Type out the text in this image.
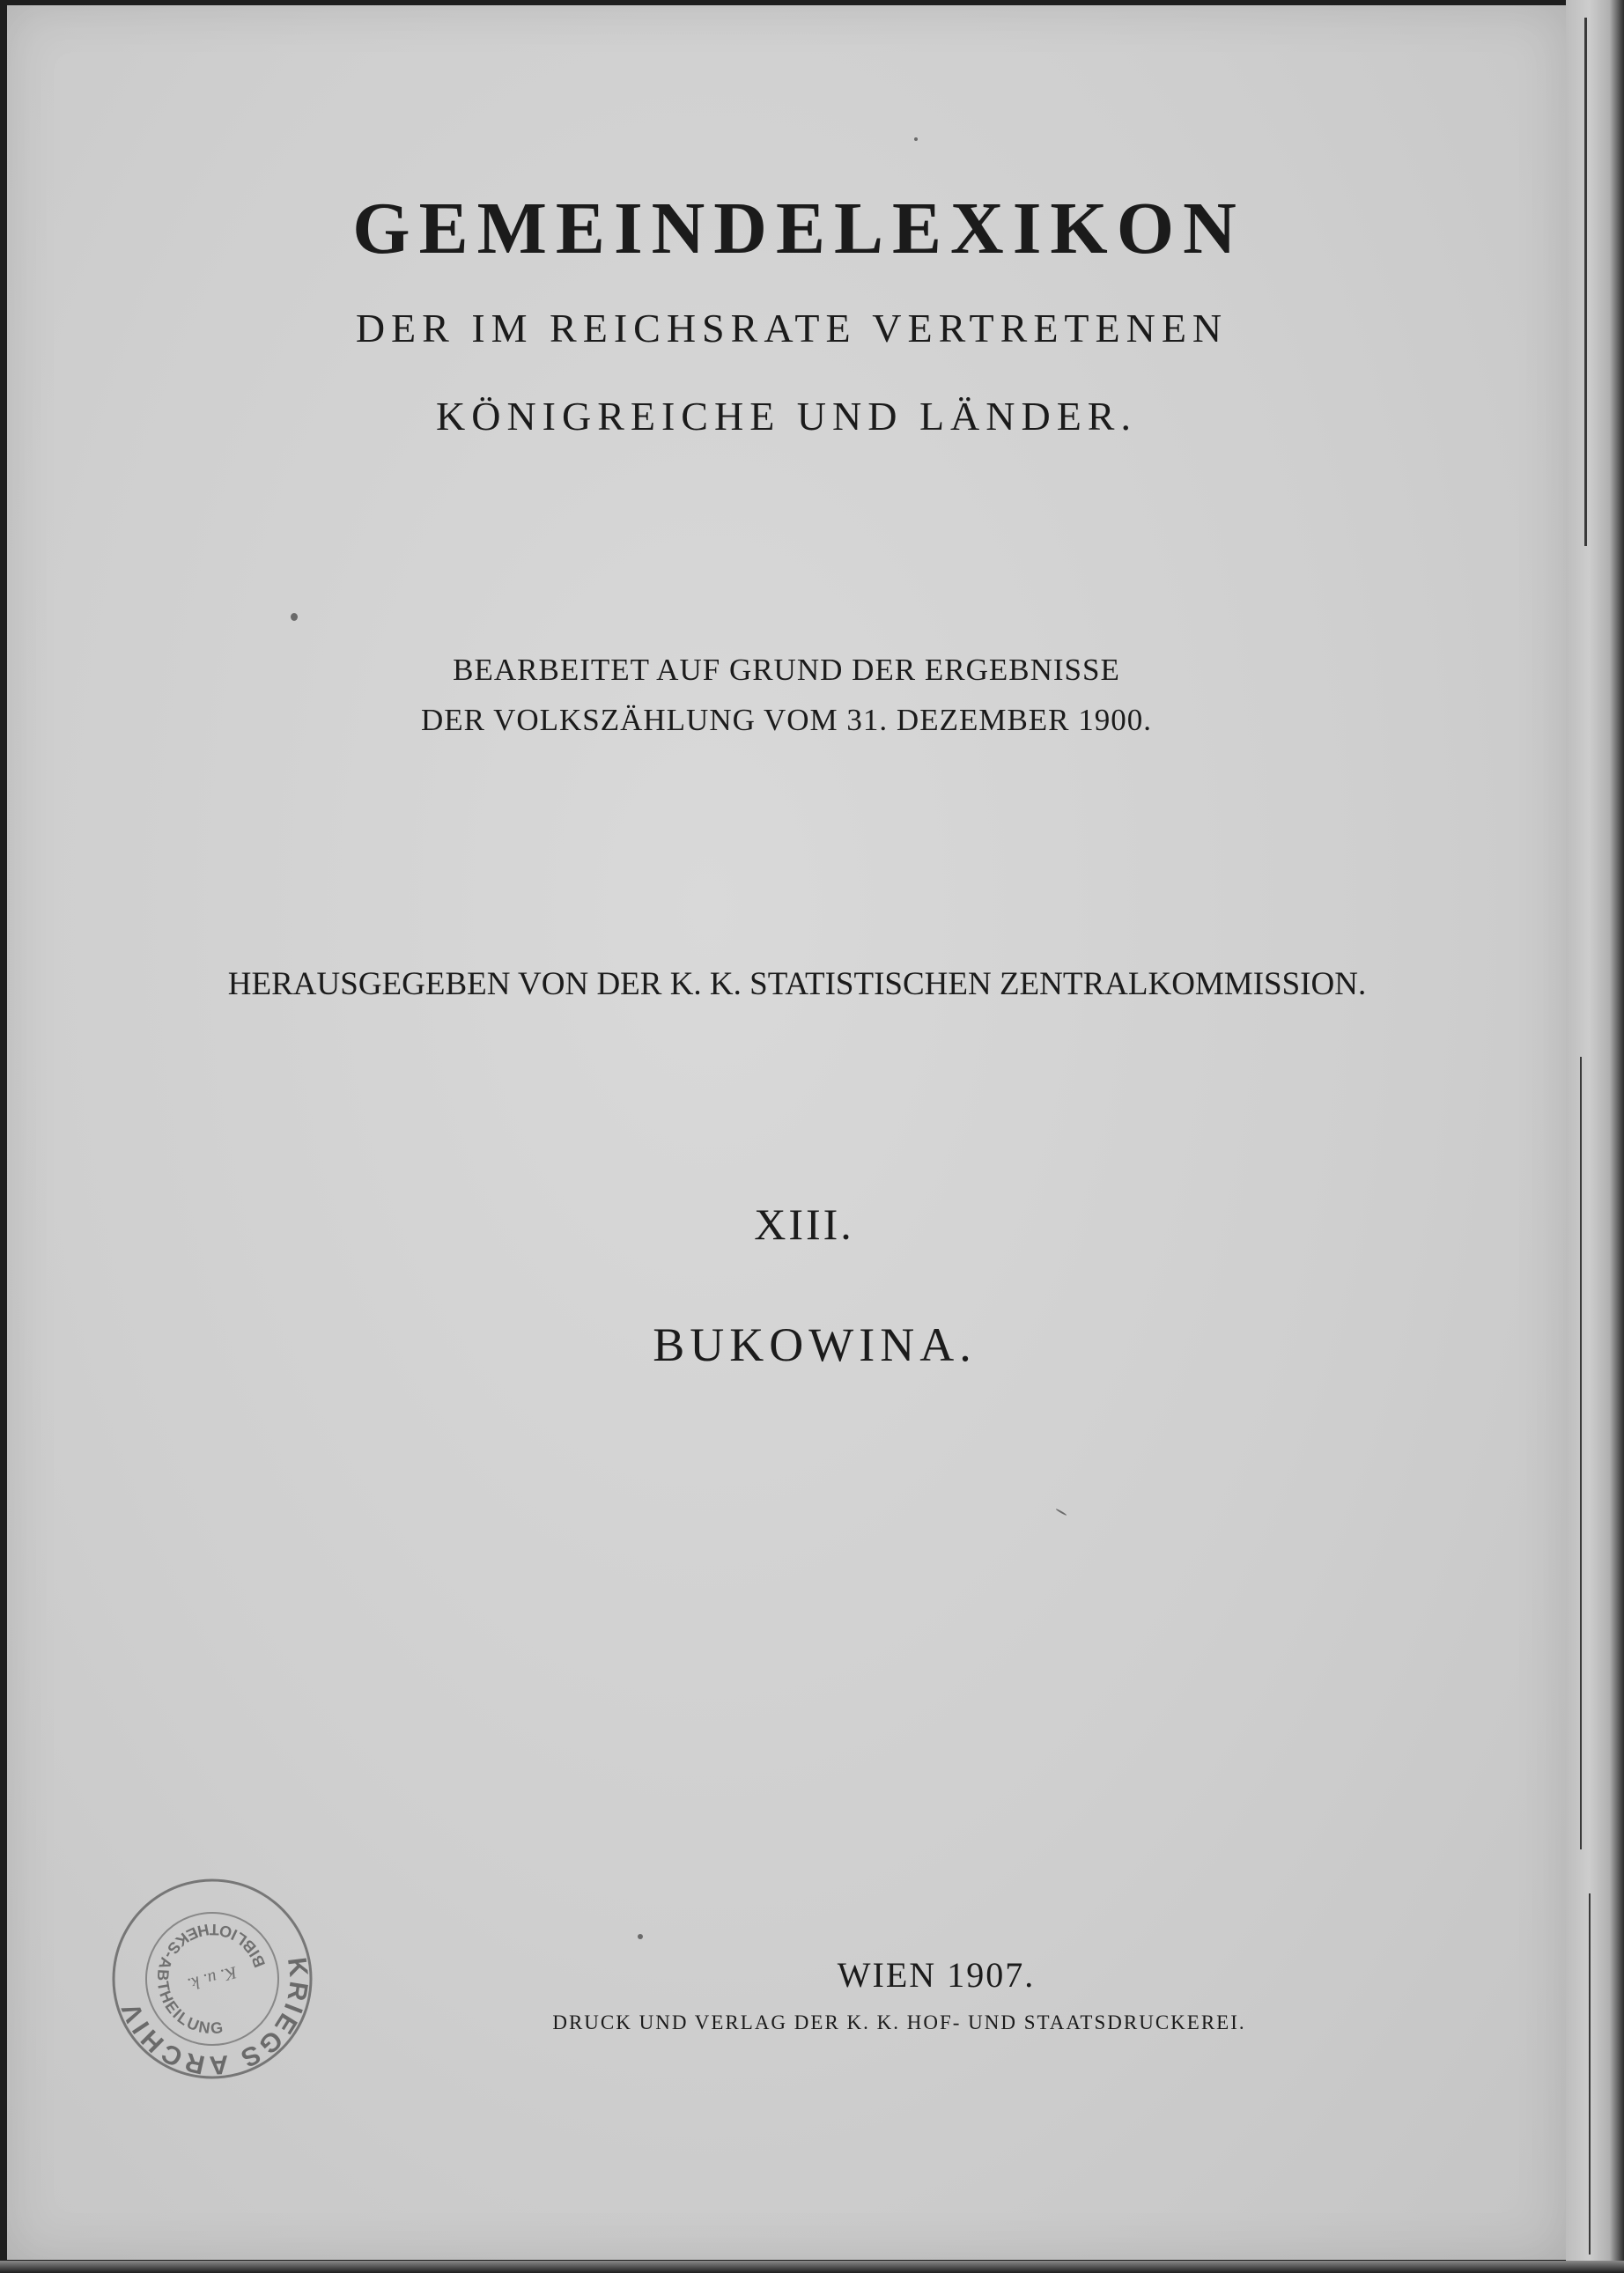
GEMEINDELEXIKON

DER IM REICHSRATE VERTRETENEN

KÖNIGREICHE UND LÄNDER.

BEARBEITET AUF GRUND DER ERGEBNISSE

DER VOLKSZÄHLUNG VOM 31. DEZEMBER 1900.

HERAUSGEGEBEN VON DER K. K. STATISTISCHEN ZENTRALKOMMISSION.

XIII.

BUKOWINA.

WIEN 1907.

DRUCK UND VERLAG DER K. K. HOF- UND STAATSDRUCKEREI.

KRIEGS ARCHIV
BIBLIOTHEKS-ABTHEILUNG
K. u. k.
